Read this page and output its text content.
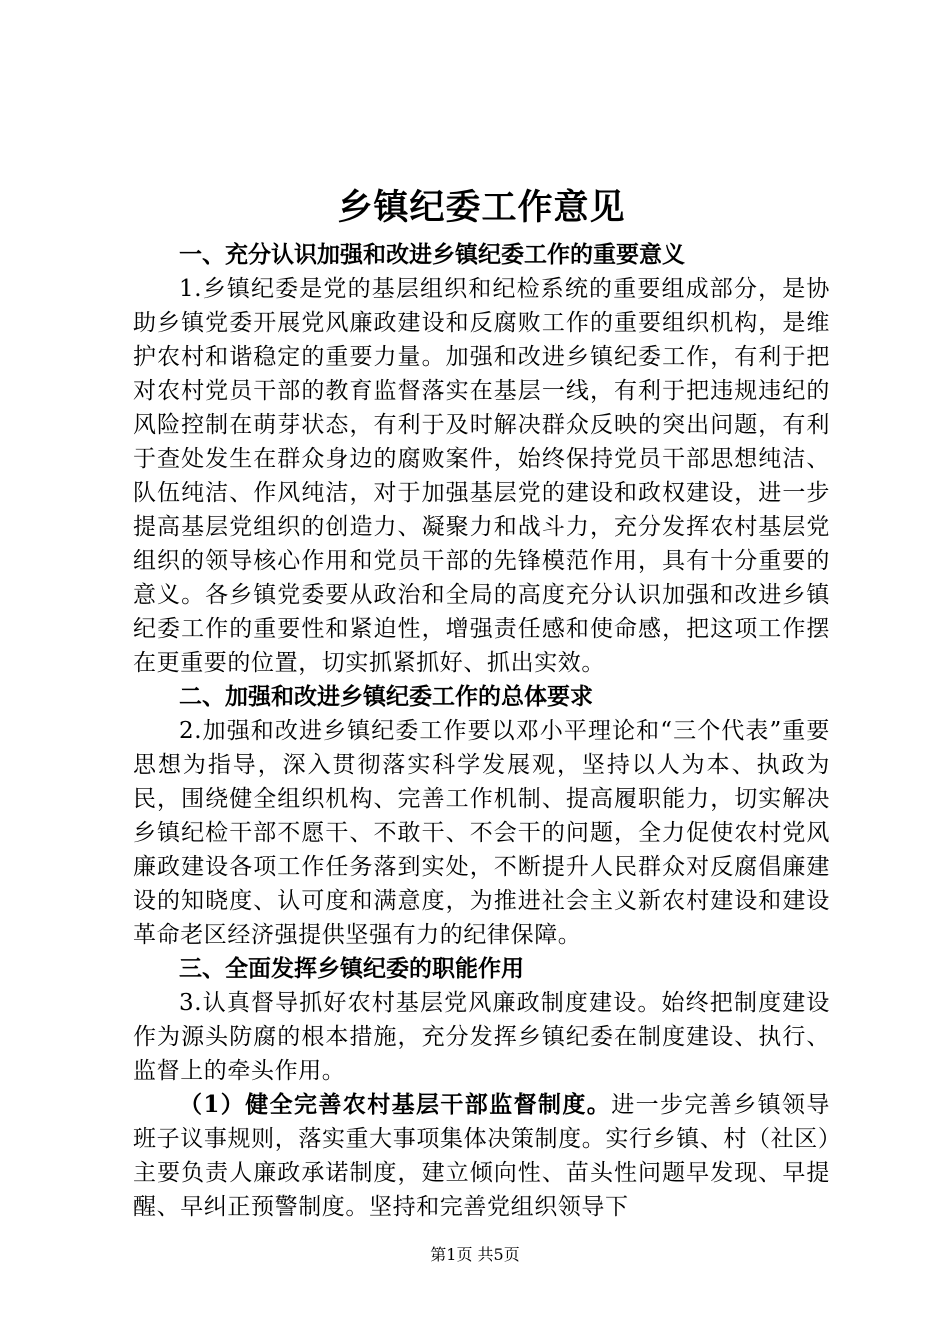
乡镇纪委工作意见
一、充分认识加强和改进乡镇纪委工作的重要意义

1.乡镇纪委是党的基层组织和纪检系统的重要组成部分，是协助乡镇党委开展党风廉政建设和反腐败工作的重要组织机构，是维护农村和谐稳定的重要力量。加强和改进乡镇纪委工作，有利于把对农村党员干部的教育监督落实在基层一线，有利于把违规违纪的风险控制在萌芽状态，有利于及时解决群众反映的突出问题，有利于查处发生在群众身边的腐败案件，始终保持党员干部思想纯洁、队伍纯洁、作风纯洁，对于加强基层党的建设和政权建设，进一步提高基层党组织的创造力、凝聚力和战斗力，充分发挥农村基层党组织的领导核心作用和党员干部的先锋模范作用，具有十分重要的意义。各乡镇党委要从政治和全局的高度充分认识加强和改进乡镇纪委工作的重要性和紧迫性，增强责任感和使命感，把这项工作摆在更重要的位置，切实抓紧抓好、抓出实效。

二、加强和改进乡镇纪委工作的总体要求

2.加强和改进乡镇纪委工作要以邓小平理论和“三个代表”重要思想为指导，深入贯彻落实科学发展观，坚持以人为本、执政为民，围绕健全组织机构、完善工作机制、提高履职能力，切实解决乡镇纪检干部不愿干、不敢干、不会干的问题，全力促使农村党风廉政建设各项工作任务落到实处，不断提升人民群众对反腐倡廉建设的知晓度、认可度和满意度，为推进社会主义新农村建设和建设革命老区经济强提供坚强有力的纪律保障。

三、全面发挥乡镇纪委的职能作用

3.认真督导抓好农村基层党风廉政制度建设。始终把制度建设作为源头防腐的根本措施，充分发挥乡镇纪委在制度建设、执行、监督上的牵头作用。

（1）健全完善农村基层干部监督制度。进一步完善乡镇领导班子议事规则，落实重大事项集体决策制度。实行乡镇、村（社区）主要负责人廉政承诺制度，建立倾向性、苗头性问题早发现、早提醒、早纠正预警制度。坚持和完善党组织领导下

第1页 共5页
